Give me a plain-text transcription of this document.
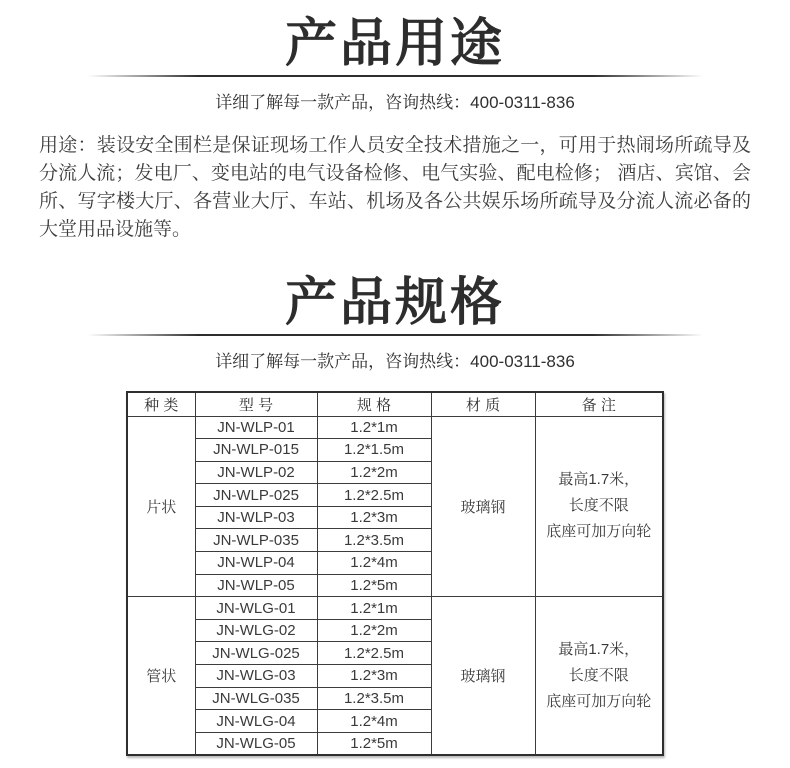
产品用途

详细了解每一款产品，咨询热线：400-0311-836

用途：装设安全围栏是保证现场工作人员安全技术措施之一，可用于热闹场所疏导及分流人流；发电厂、变电站的电气设备检修、电气实验、配电检修； 酒店、宾馆、会所、写字楼大厅、各营业大厅、车站、机场及各公共娱乐场所疏导及分流人流必备的大堂用品设施等。

产品规格

详细了解每一款产品，咨询热线：400-0311-836

种 类	型 号	规 格	材 质	备 注
片状	JN-WLP-01	1.2*1m	玻璃钢	最高1.7米，
长度不限
底座可加万向轮

	JN-WLP-015	1.2*1.5m		
	JN-WLP-02	1.2*2m		
	JN-WLP-025	1.2*2.5m		
	JN-WLP-03	1.2*3m		
	JN-WLP-035	1.2*3.5m		
	JN-WLP-04	1.2*4m		
	JN-WLP-05	1.2*5m		
管状	JN-WLG-01	1.2*1m	玻璃钢	最高1.7米，
长度不限
底座可加万向轮

	JN-WLG-02	1.2*2m		
	JN-WLG-025	1.2*2.5m		
	JN-WLG-03	1.2*3m		
	JN-WLG-035	1.2*3.5m		
	JN-WLG-04	1.2*4m		
	JN-WLG-05	1.2*5m		
